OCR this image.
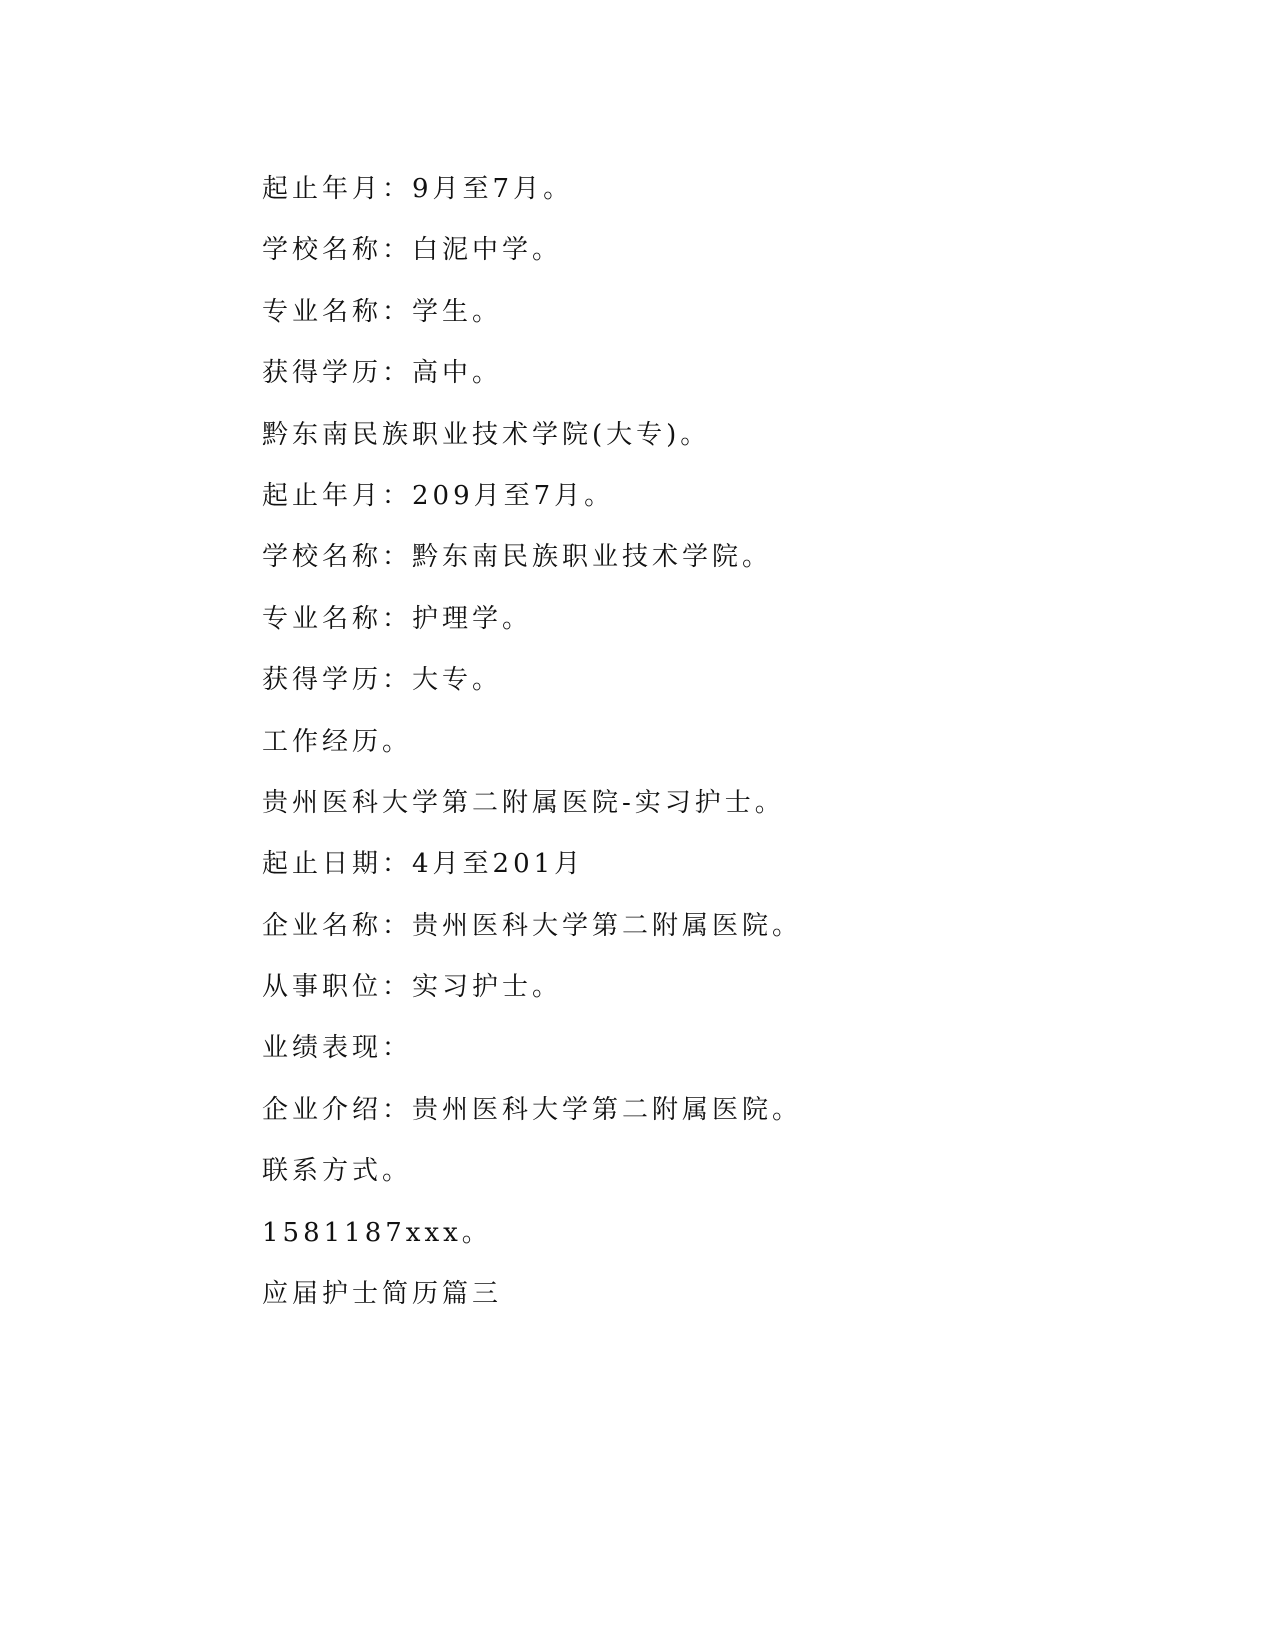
起止年月：9月至7月。
学校名称：白泥中学。
专业名称：学生。
获得学历：高中。
黔东南民族职业技术学院(大专)。
起止年月：209月至7月。
学校名称：黔东南民族职业技术学院。
专业名称：护理学。
获得学历：大专。
工作经历。
贵州医科大学第二附属医院-实习护士。
起止日期：4月至201月
企业名称：贵州医科大学第二附属医院。
从事职位：实习护士。
业绩表现：
企业介绍：贵州医科大学第二附属医院。
联系方式。
1581187xxx。
应届护士简历篇三
